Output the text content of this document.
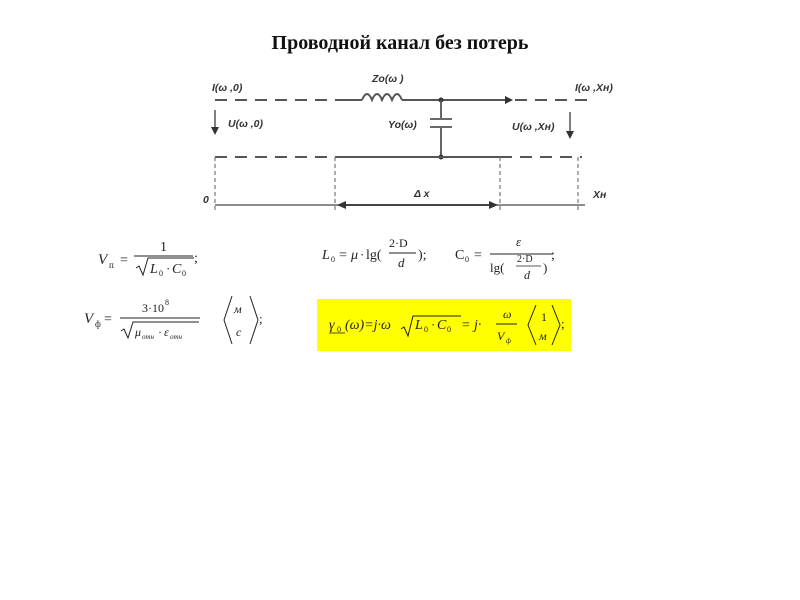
Проводной канал без потерь
I(ω ,0)	I(ω ,Xн)
U(ω ,0)	U(ω ,Xн)
Zo(ω )
Yo(ω)
0	Xн
Δ x
V п =
1
L 0 · C 0
;	L 0 = μ · lg(
2·D
d ); C 0 =
ε
lg(
2·D
d )
;
V ф =
3·10 8
μ отн · ε отн
м
с
;	γ 0 (ω)=j·ω L 0 · C 0 = j·
ω
V ф
1
м
;
